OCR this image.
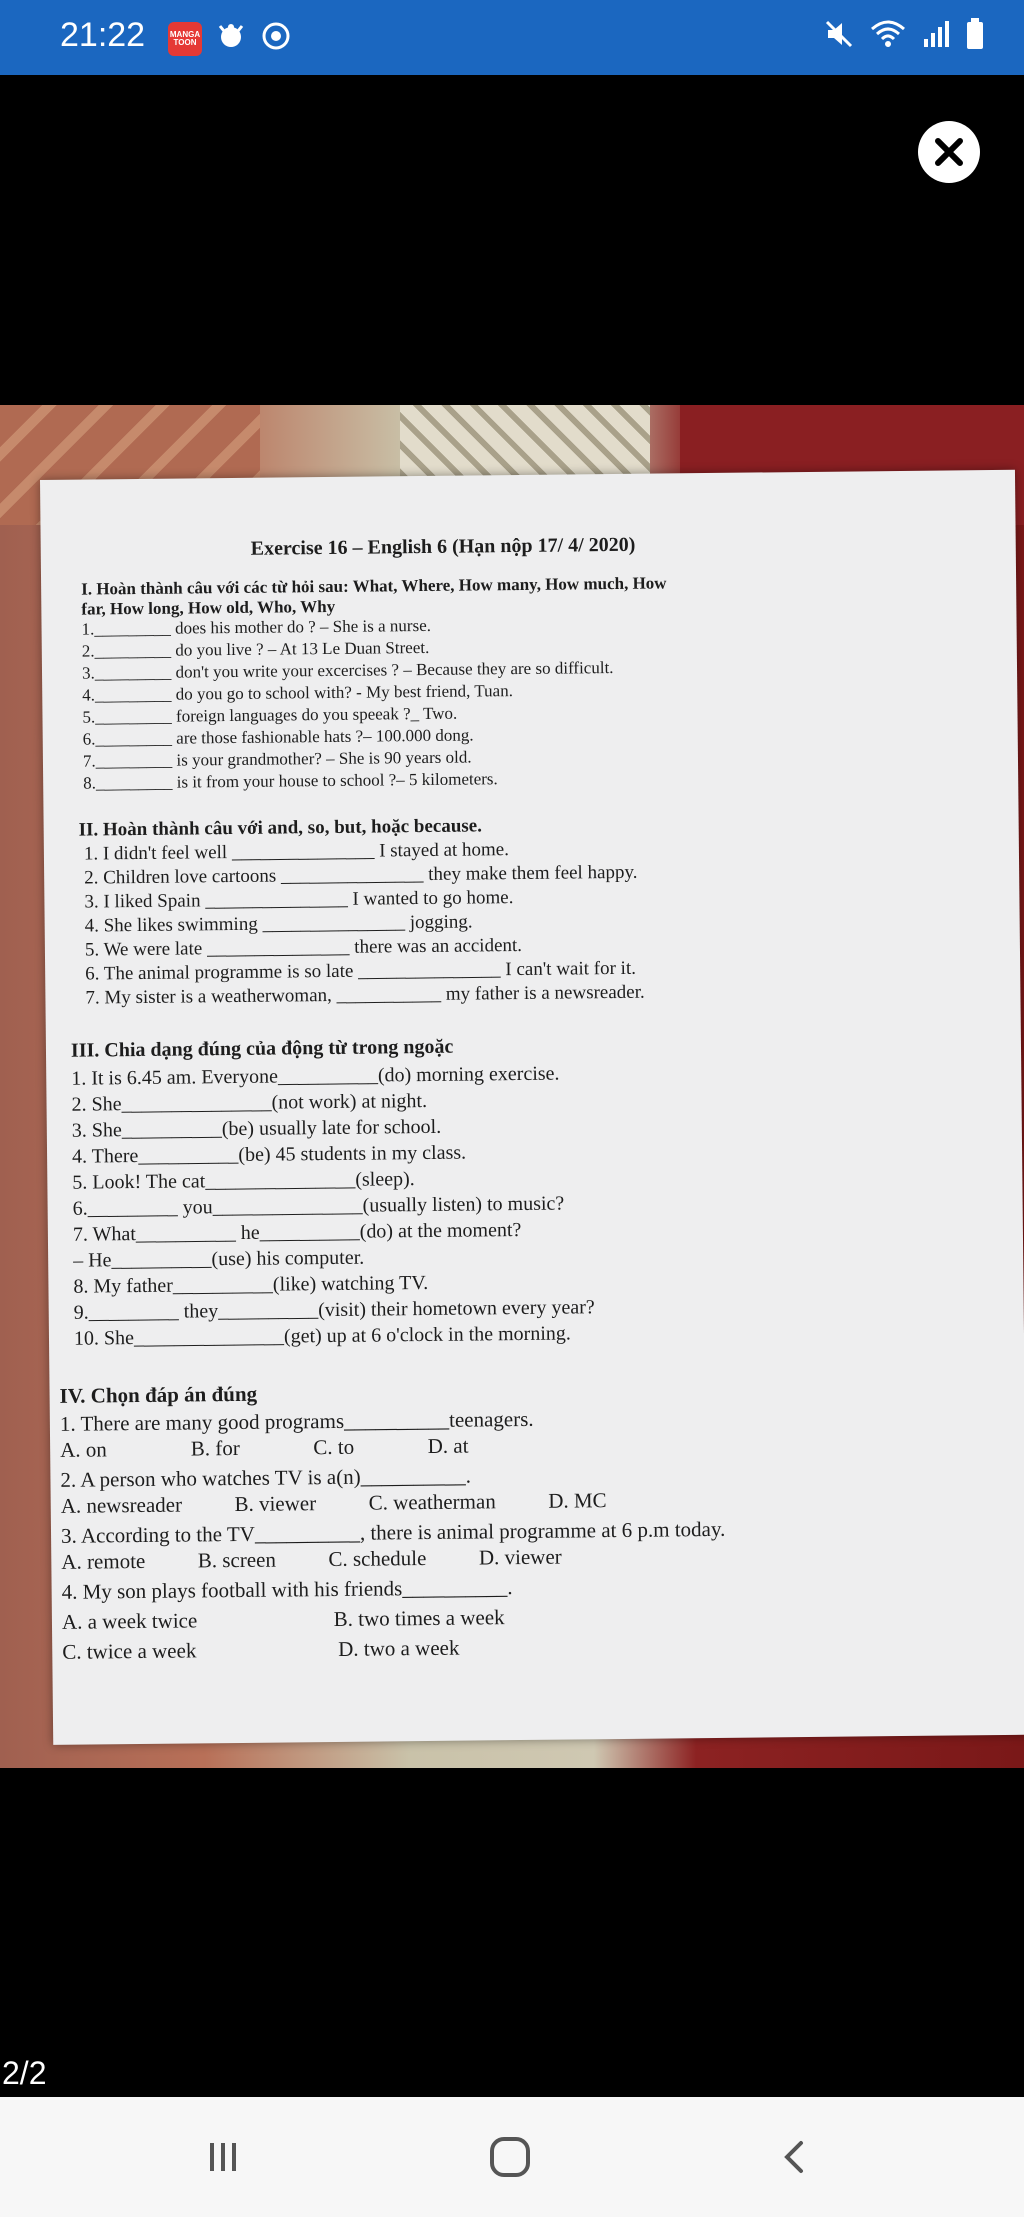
21:22	MANGA TOON
Exercise 16 – English 6 (Hạn nộp 17/ 4/ 2020)
I. Hoàn thành câu với các từ hỏi sau: What, Where, How many, How much, How
far, How long, How old, Who, Why
1._________ does his mother do ? – She is a nurse.
2._________ do you live ? – At 13 Le Duan Street.
3._________ don't you write your excercises ? – Because they are so difficult.
4._________ do you go to school with? - My best friend, Tuan.
5._________ foreign languages do you speeak ?_ Two.
6._________ are those fashionable hats ?– 100.000 dong.
7._________ is your grandmother? – She is 90 years old.
8._________ is it from your house to school ?– 5 kilometers.
II. Hoàn thành câu với and, so, but, hoặc because.
1. I didn't feel well _______________ I stayed at home.
2. Children love cartoons _______________ they make them feel happy.
3. I liked Spain _______________ I wanted to go home.
4. She likes swimming _______________ jogging.
5. We were late _______________ there was an accident.
6. The animal programme is so late _______________ I can't wait for it.
7. My sister is a weatherwoman, ___________ my father is a newsreader.
III. Chia dạng đúng của động từ trong ngoặc
1. It is 6.45 am. Everyone__________(do) morning exercise.
2. She_______________(not work) at night.
3. She__________(be) usually late for school.
4. There__________(be) 45 students in my class.
5. Look! The cat_______________(sleep).
6._________ you_______________(usually listen) to music?
7. What__________ he__________(do) at the moment?
– He__________(use) his computer.
8. My father__________(like) watching TV.
9._________ they__________(visit) their hometown every year?
10. She_______________(get) up at 6 o'clock in the morning.
IV. Chọn đáp án đúng
1. There are many good programs__________teenagers.
A. on                B. for              C. to              D. at
2. A person who watches TV is a(n)__________.
A. newsreader          B. viewer          C. weatherman          D. MC
3. According to the TV__________, there is animal programme at 6 p.m today.
A. remote          B. screen          C. schedule          D. viewer
4. My son plays football with his friends__________.
A. a week twice                          B. two times a week
C. twice a week                           D. two a week
2/2
